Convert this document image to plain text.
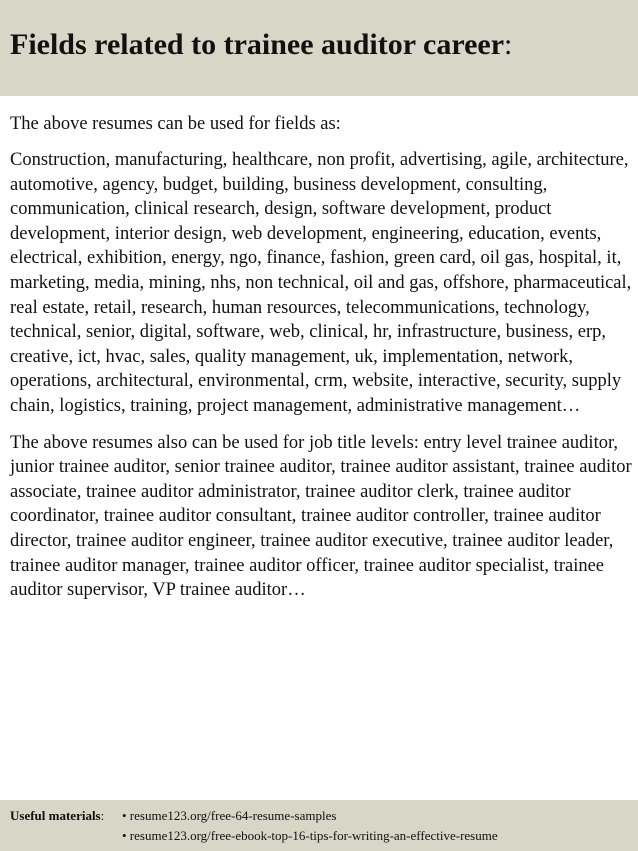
Fields related to trainee auditor career:

The above resumes can be used for fields as:

Construction, manufacturing, healthcare, non profit, advertising, agile, architecture, automotive, agency, budget, building, business development, consulting, communication, clinical research, design, software development, product development, interior design, web development, engineering, education, events, electrical, exhibition, energy, ngo, finance, fashion, green card, oil gas, hospital, it, marketing, media, mining, nhs, non technical, oil and gas, offshore, pharmaceutical, real estate, retail, research, human resources, telecommunications, technology, technical, senior, digital, software, web, clinical, hr, infrastructure, business, erp, creative, ict, hvac, sales, quality management, uk, implementation, network, operations, architectural, environmental, crm, website, interactive, security, supply chain, logistics, training, project management, administrative management…

The above resumes also can be used for job title levels: entry level trainee auditor, junior trainee auditor, senior trainee auditor, trainee auditor assistant, trainee auditor associate, trainee auditor administrator, trainee auditor clerk, trainee auditor coordinator, trainee auditor consultant, trainee auditor controller, trainee auditor director, trainee auditor engineer, trainee auditor executive, trainee auditor leader, trainee auditor manager, trainee auditor officer, trainee auditor specialist, trainee auditor supervisor, VP trainee auditor…

Useful materials:	• resume123.org/free-64-resume-samples
• resume123.org/free-ebook-top-16-tips-for-writing-an-effective-resume
